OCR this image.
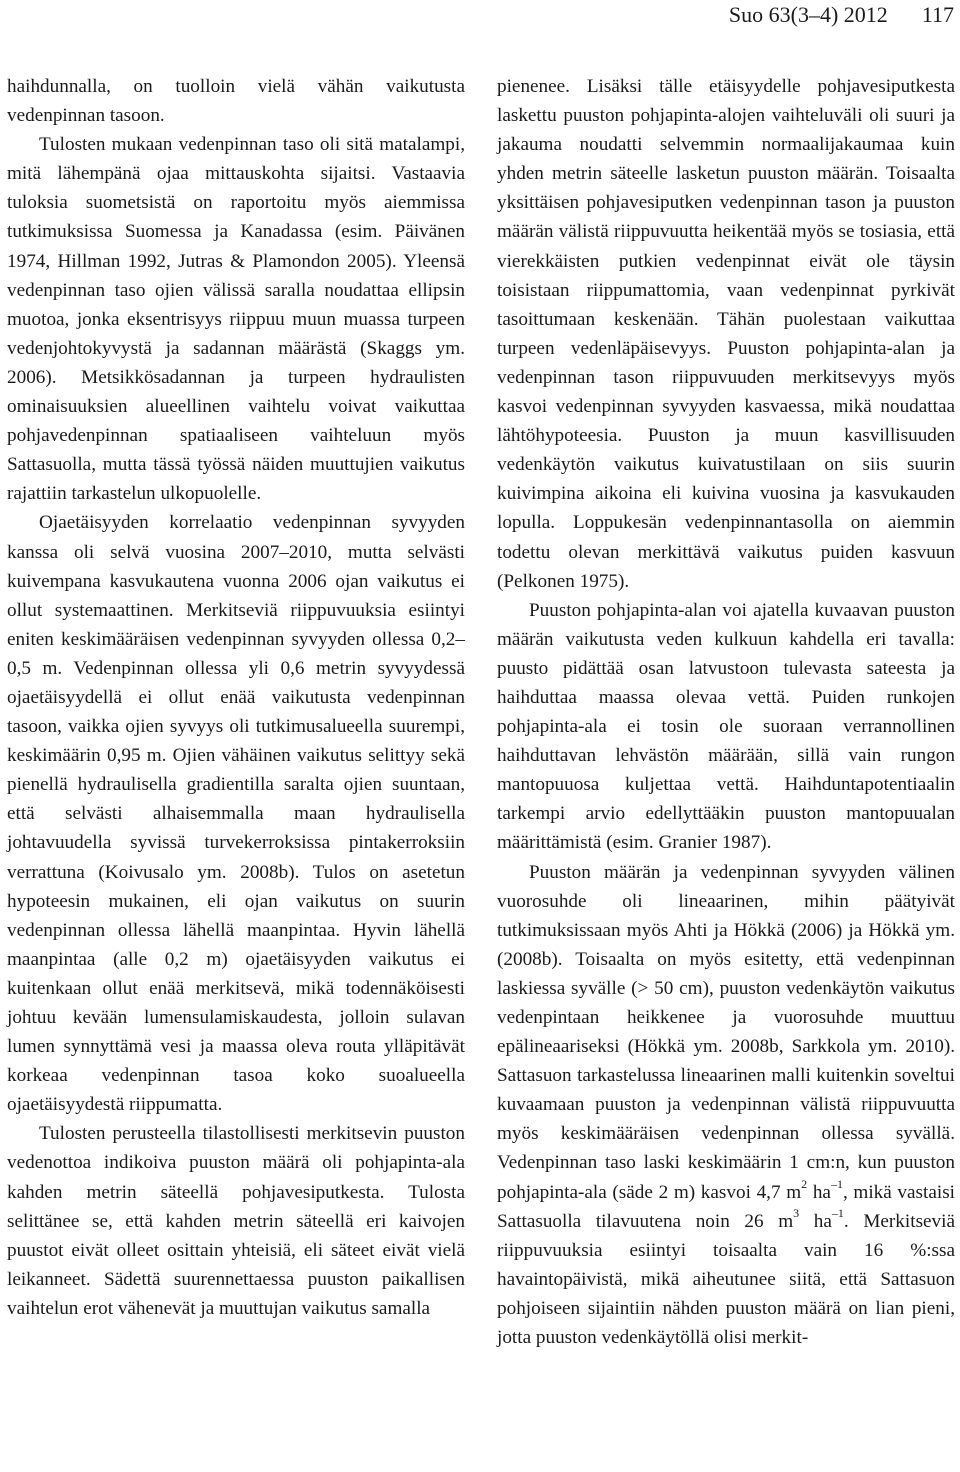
Suo 63(3–4) 2012 117

haihdunnalla, on tuolloin vielä vähän vaikutusta vedenpinnan tasoon.

Tulosten mukaan vedenpinnan taso oli sitä matalampi, mitä lähempänä ojaa mittauskohta sijaitsi. Vastaavia tuloksia suometsistä on raportoitu myös aiemmissa tutkimuksissa Suomessa ja Kanadassa (esim. Päivänen 1974, Hillman 1992, Jutras & Plamondon 2005). Yleensä vedenpinnan taso ojien välissä saralla noudattaa ellipsin muotoa, jonka eksentrisyys riippuu muun muassa turpeen vedenjohtokyvystä ja sadannan määrästä (Skaggs ym. 2006). Metsikkösadannan ja turpeen hydraulisten ominaisuuksien alueellinen vaihtelu voivat vaikuttaa pohjavedenpinnan spatiaaliseen vaihteluun myös Sattasuolla, mutta tässä työssä näiden muuttujien vaikutus rajattiin tarkastelun ulkopuolelle.

Ojaetäisyyden korrelaatio vedenpinnan syvyyden kanssa oli selvä vuosina 2007–2010, mutta selvästi kuivempana kasvukautena vuonna 2006 ojan vaikutus ei ollut systemaattinen. Merkitseviä riippuvuuksia esiintyi eniten keskimääräisen vedenpinnan syvyyden ollessa 0,2–0,5 m. Vedenpinnan ollessa yli 0,6 metrin syvyydessä ojaetäisyydellä ei ollut enää vaikutusta vedenpinnan tasoon, vaikka ojien syvyys oli tutkimusalueella suurempi, keskimäärin 0,95 m. Ojien vähäinen vaikutus selittyy sekä pienellä hydraulisella gradientilla saralta ojien suuntaan, että selvästi alhaisemmalla maan hydraulisella johtavuudella syvissä turvekerroksissa pintakerroksiin verrattuna (Koivusalo ym. 2008b). Tulos on asetetun hypoteesin mukainen, eli ojan vaikutus on suurin vedenpinnan ollessa lähellä maanpintaa. Hyvin lähellä maanpintaa (alle 0,2 m) ojaetäisyyden vaikutus ei kuitenkaan ollut enää merkitsevä, mikä todennäköisesti johtuu kevään lumensulamiskaudesta, jolloin sulavan lumen synnyttämä vesi ja maassa oleva routa ylläpitävät korkeaa vedenpinnan tasoa koko suoalueella ojaetäisyydestä riippumatta.

Tulosten perusteella tilastollisesti merkitsevin puuston vedenottoa indikoiva puuston määrä oli pohjapinta-ala kahden metrin säteellä pohjavesiputkesta. Tulosta selittänee se, että kahden metrin säteellä eri kaivojen puustot eivät olleet osittain yhteisiä, eli säteet eivät vielä leikanneet. Sädettä suurennettaessa puuston paikallisen vaihtelun erot vähenevät ja muuttujan vaikutus samalla

pienenee. Lisäksi tälle etäisyydelle pohjavesiputkesta laskettu puuston pohjapinta-alojen vaihteluväli oli suuri ja jakauma noudatti selvemmin normaalijakaumaa kuin yhden metrin säteelle lasketun puuston määrän. Toisaalta yksittäisen pohjavesiputken vedenpinnan tason ja puuston määrän välistä riippuvuutta heikentää myös se tosiasia, että vierekkäisten putkien vedenpinnat eivät ole täysin toisistaan riippumattomia, vaan vedenpinnat pyrkivät tasoittumaan keskenään. Tähän puolestaan vaikuttaa turpeen vedenläpäisevyys. Puuston pohjapinta-alan ja vedenpinnan tason riippuvuuden merkitsevyys myös kasvoi vedenpinnan syvyyden kasvaessa, mikä noudattaa lähtöhypoteesia. Puuston ja muun kasvillisuuden vedenkäytön vaikutus kuivatustilaan on siis suurin kuivimpina aikoina eli kuivina vuosina ja kasvukauden lopulla. Loppukesän vedenpinnantasolla on aiemmin todettu olevan merkittävä vaikutus puiden kasvuun (Pelkonen 1975).

Puuston pohjapinta-alan voi ajatella kuvaavan puuston määrän vaikutusta veden kulkuun kahdella eri tavalla: puusto pidättää osan latvustoon tulevasta sateesta ja haihduttaa maassa olevaa vettä. Puiden runkojen pohjapinta-ala ei tosin ole suoraan verrannollinen haihduttavan lehvästön määrään, sillä vain rungon mantopuuosa kuljettaa vettä. Haihduntapotentiaalin tarkempi arvio edellyttääkin puuston mantopuualan määrittämistä (esim. Granier 1987).

Puuston määrän ja vedenpinnan syvyyden välinen vuorosuhde oli lineaarinen, mihin päätyivät tutkimuksissaan myös Ahti ja Hökkä (2006) ja Hökkä ym. (2008b). Toisaalta on myös esitetty, että vedenpinnan laskiessa syvälle (> 50 cm), puuston vedenkäytön vaikutus vedenpintaan heikkenee ja vuorosuhde muuttuu epälineaariseksi (Hökkä ym. 2008b, Sarkkola ym. 2010). Sattasuon tarkastelussa lineaarinen malli kuitenkin soveltui kuvaamaan puuston ja vedenpinnan välistä riippuvuutta myös keskimääräisen vedenpinnan ollessa syvällä. Vedenpinnan taso laski keskimäärin 1 cm:n, kun puuston pohjapinta-ala (säde 2 m) kasvoi 4,7 $m^2$ $ha^{-1}$, mikä vastaisi Sattasuolla tilavuutena noin 26 $m^3$ $ha^{-1}$. Merkitseviä riippuvuuksia esiintyi toisaalta vain 16 %:ssa havaintopäivistä, mikä aiheutunee siitä, että Sattasuon pohjoiseen sijaintiin nähden puuston määrä on lian pieni, jotta puuston vedenkäytöllä olisi merkit-
